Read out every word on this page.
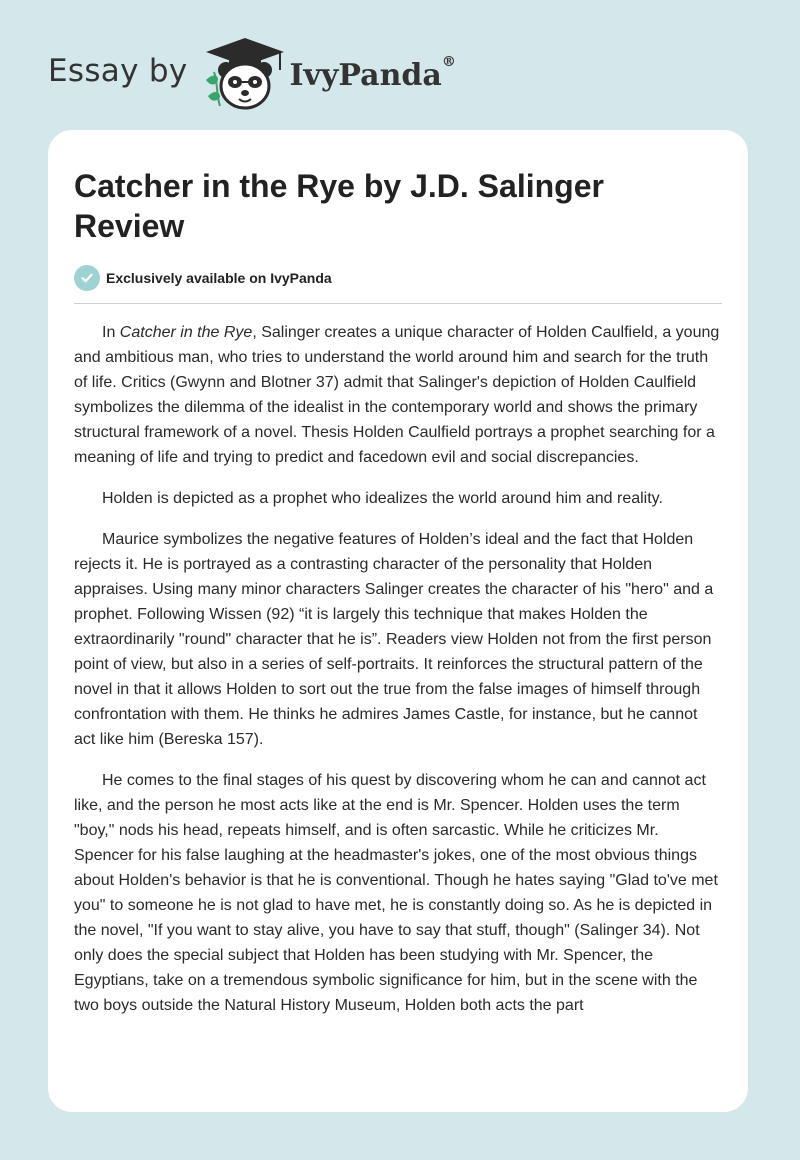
Essay by	IvyPanda®
Catcher in the Rye by J.D. Salinger Review
Exclusively available on IvyPanda

In Catcher in the Rye, Salinger creates a unique character of Holden Caulfield, a young and ambitious man, who tries to understand the world around him and search for the truth of life. Critics (Gwynn and Blotner 37) admit that Salinger's depiction of Holden Caulfield symbolizes the dilemma of the idealist in the contemporary world and shows the primary structural framework of a novel. Thesis Holden Caulfield portrays a prophet searching for a meaning of life and trying to predict and facedown evil and social discrepancies.

Holden is depicted as a prophet who idealizes the world around him and reality.

Maurice symbolizes the negative features of Holden’s ideal and the fact that Holden rejects it. He is portrayed as a contrasting character of the personality that Holden appraises. Using many minor characters Salinger creates the character of his "hero" and a prophet. Following Wissen (92) “it is largely this technique that makes Holden the extraordinarily "round" character that he is”. Readers view Holden not from the first person point of view, but also in a series of self-portraits. It reinforces the structural pattern of the novel in that it allows Holden to sort out the true from the false images of himself through confrontation with them. He thinks he admires James Castle, for instance, but he cannot act like him (Bereska 157).

He comes to the final stages of his quest by discovering whom he can and cannot act like, and the person he most acts like at the end is Mr. Spencer. Holden uses the term "boy," nods his head, repeats himself, and is often sarcastic. While he criticizes Mr. Spencer for his false laughing at the headmaster's jokes, one of the most obvious things about Holden's behavior is that he is conventional. Though he hates saying "Glad to've met you" to someone he is not glad to have met, he is constantly doing so. As he is depicted in the novel, "If you want to stay alive, you have to say that stuff, though" (Salinger 34). Not only does the special subject that Holden has been studying with Mr. Spencer, the Egyptians, take on a tremendous symbolic significance for him, but in the scene with the two boys outside the Natural History Museum, Holden both acts the part
